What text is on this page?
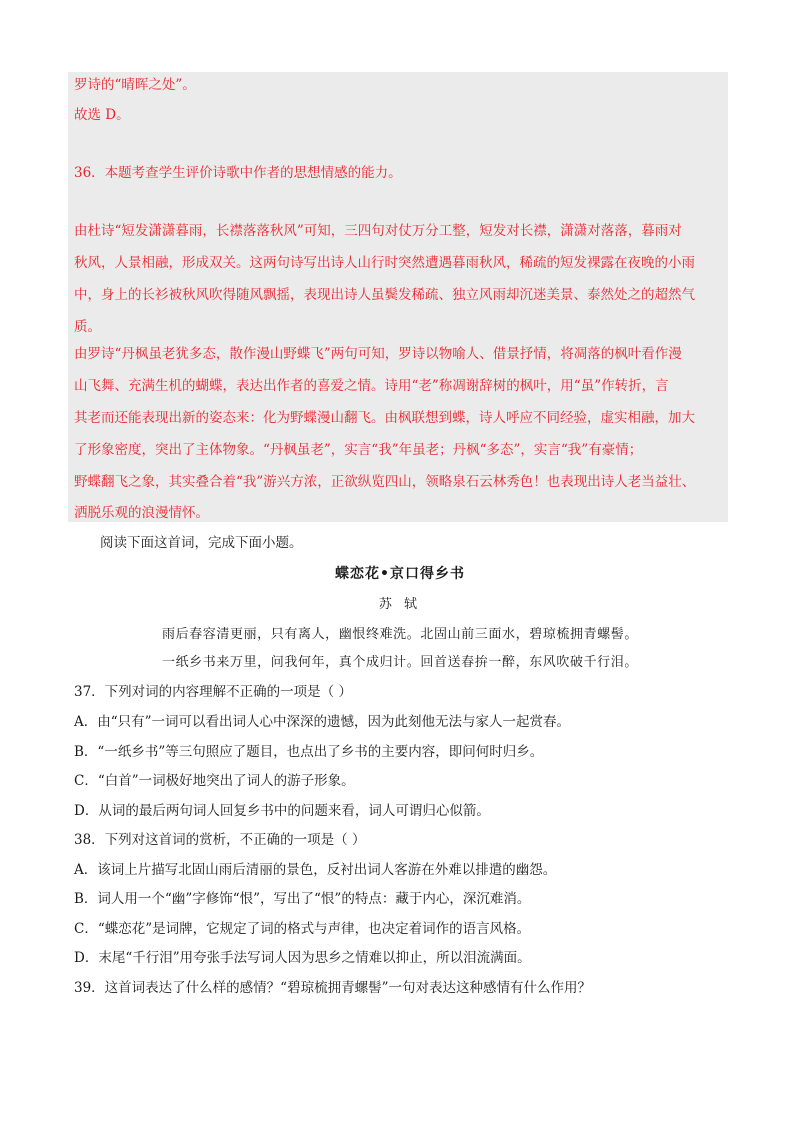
罗诗的“晴晖之处”。
故选 D。
36．本题考查学生评价诗歌中作者的思想情感的能力。
由杜诗“短发潇潇暮雨，长襟落落秋风”可知，三四句对仗万分工整，短发对长襟，潇潇对落落，暮雨对
秋风，人景相融，形成双关。这两句诗写出诗人山行时突然遭遇暮雨秋风，稀疏的短发裸露在夜晚的小雨
中，身上的长衫被秋风吹得随风飘摇，表现出诗人虽鬓发稀疏、独立风雨却沉迷美景、泰然处之的超然气
质。
由罗诗“丹枫虽老犹多态，散作漫山野蝶飞”两句可知，罗诗以物喻人、借景抒情，将凋落的枫叶看作漫
山飞舞、充满生机的蝴蝶，表达出作者的喜爱之情。诗用“老”称凋谢辞树的枫叶，用“虽”作转折，言
其老而还能表现出新的姿态来：化为野蝶漫山翻飞。由枫联想到蝶，诗人呼应不同经验，虚实相融，加大
了形象密度，突出了主体物象。“丹枫虽老”，实言“我”年虽老；丹枫“多态”，实言“我”有豪情；
野蝶翻飞之象，其实叠合着“我”游兴方浓，正欲纵览四山，领略泉石云林秀色！也表现出诗人老当益壮、
洒脱乐观的浪漫情怀。
阅读下面这首词，完成下面小题。
蝶恋花•京口得乡书
苏 轼
雨后春容清更丽，只有离人，幽恨终难洗。北固山前三面水，碧琼梳拥青螺髻。
一纸乡书来万里，问我何年，真个成归计。回首送春拚一醉，东风吹破千行泪。
37．下列对词的内容理解不正确的一项是（ ）
A．由“只有”一词可以看出词人心中深深的遗憾，因为此刻他无法与家人一起赏春。
B．“一纸乡书”等三句照应了题目，也点出了乡书的主要内容，即问何时归乡。
C．“白首”一词极好地突出了词人的游子形象。
D．从词的最后两句词人回复乡书中的问题来看，词人可谓归心似箭。
38．下列对这首词的赏析，不正确的一项是（ ）
A．该词上片描写北固山雨后清丽的景色，反衬出词人客游在外难以排遣的幽怨。
B．词人用一个“幽”字修饰“恨”，写出了“恨”的特点：藏于内心，深沉难消。
C．“蝶恋花”是词牌，它规定了词的格式与声律，也决定着词作的语言风格。
D．末尾“千行泪”用夸张手法写词人因为思乡之情难以抑止，所以泪流满面。
39．这首词表达了什么样的感情？“碧琼梳拥青螺髻”一句对表达这种感情有什么作用？
